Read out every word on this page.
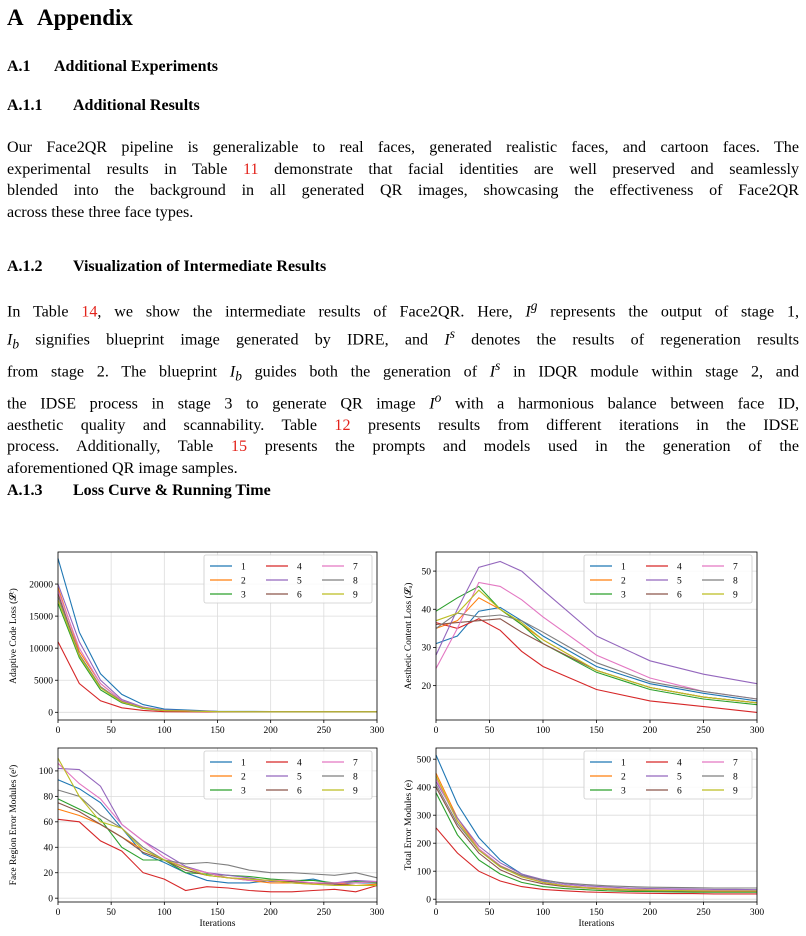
A Appendix
A.1 Additional Experiments
A.1.1 Additional Results
Our Face2QR pipeline is generalizable to real faces, generated realistic faces, and cartoon faces. The
experimental results in Table 11 demonstrate that facial identities are well preserved and seamlessly
blended into the background in all generated QR images, showcasing the effectiveness of Face2QR
across these three face types.
A.1.2 Visualization of Intermediate Results
In Table 14, we show the intermediate results of Face2QR. Here, $I^g$ represents the output of stage 1,
$I_b$ signifies blueprint image generated by IDRE, and $I^s$ denotes the results of regeneration results
from stage 2. The blueprint $I_b$ guides both the generation of $I^s$ in IDQR module within stage 2, and
the IDSE process in stage 3 to generate QR image $I^o$ with a harmonious balance between face ID,
aesthetic quality and scannability. Table 12 presents results from different iterations in the IDSE
process. Additionally, Table 15 presents the prompts and models used in the generation of the
aforementioned QR image samples.
A.1.3 Loss Curve & Running Time
0	50	100	150	200	250	300
0
5000
10000
15000
20000
Adaptive Code Loss (𝓛ᶜ)
1
2
3
4
5
6
7
8
9
0	50	100	150	200	250	300
20
30
40
50
Aesthetic Content Loss (𝓛ₐ)
1
2
3
4
5
6
7
8
9
0	50	100	150	200	250	300
0
20
40
60
80
100
Face Region Error Modules (eᶠ)
Iterations
1
2
3
4
5
6
7
8
9
0	50	100	150	200	250	300
0
100
200
300
400
500
Total Error Modules (e)
Iterations
1
2
3
4
5
6
7
8
9
